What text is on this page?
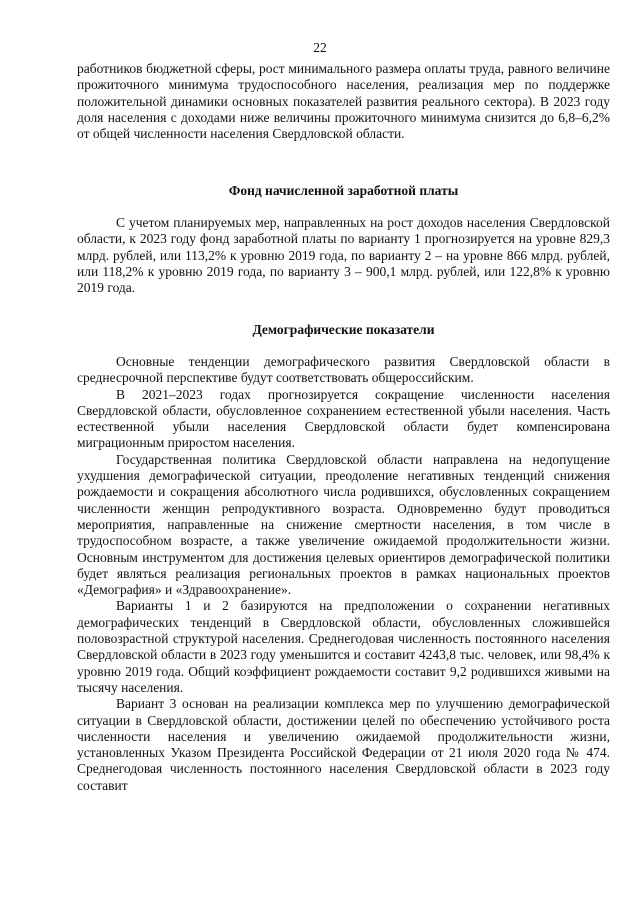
22

работников бюджетной сферы, рост минимального размера оплаты труда, равного величине прожиточного минимума трудоспособного населения, реализация мер по поддержке положительной динамики основных показателей развития реального сектора). В 2023 году доля населения с доходами ниже величины прожиточного минимума снизится до 6,8–6,2% от общей численности населения Свердловской области.

Фонд начисленной заработной платы

С учетом планируемых мер, направленных на рост доходов населения Свердловской области, к 2023 году фонд заработной платы по варианту 1 прогнозируется на уровне 829,3 млрд. рублей, или 113,2% к уровню 2019 года, по варианту 2 – на уровне 866 млрд. рублей, или 118,2% к уровню 2019 года, по варианту 3 – 900,1 млрд. рублей, или 122,8% к уровню 2019 года.

Демографические показатели

Основные тенденции демографического развития Свердловской области в среднесрочной перспективе будут соответствовать общероссийским.

В 2021–2023 годах прогнозируется сокращение численности населения Свердловской области, обусловленное сохранением естественной убыли населения. Часть естественной убыли населения Свердловской области будет компенсирована миграционным приростом населения.

Государственная политика Свердловской области направлена на недопущение ухудшения демографической ситуации, преодоление негативных тенденций снижения рождаемости и сокращения абсолютного числа родившихся, обусловленных сокращением численности женщин репродуктивного возраста. Одновременно будут проводиться мероприятия, направленные на снижение смертности населения, в том числе в трудоспособном возрасте, а также увеличение ожидаемой продолжительности жизни. Основным инструментом для достижения целевых ориентиров демографической политики будет являться реализация региональных проектов в рамках национальных проектов «Демография» и «Здравоохранение».

Варианты 1 и 2 базируются на предположении о сохранении негативных демографических тенденций в Свердловской области, обусловленных сложившейся половозрастной структурой населения. Среднегодовая численность постоянного населения Свердловской области в 2023 году уменьшится и составит 4243,8 тыс. человек, или 98,4% к уровню 2019 года. Общий коэффициент рождаемости составит 9,2 родившихся живыми на тысячу населения.

Вариант 3 основан на реализации комплекса мер по улучшению демографической ситуации в Свердловской области, достижении целей по обеспечению устойчивого роста численности населения и увеличению ожидаемой продолжительности жизни, установленных Указом Президента Российской Федерации от 21 июля 2020 года № 474. Среднегодовая численность постоянного населения Свердловской области в 2023 году составит
